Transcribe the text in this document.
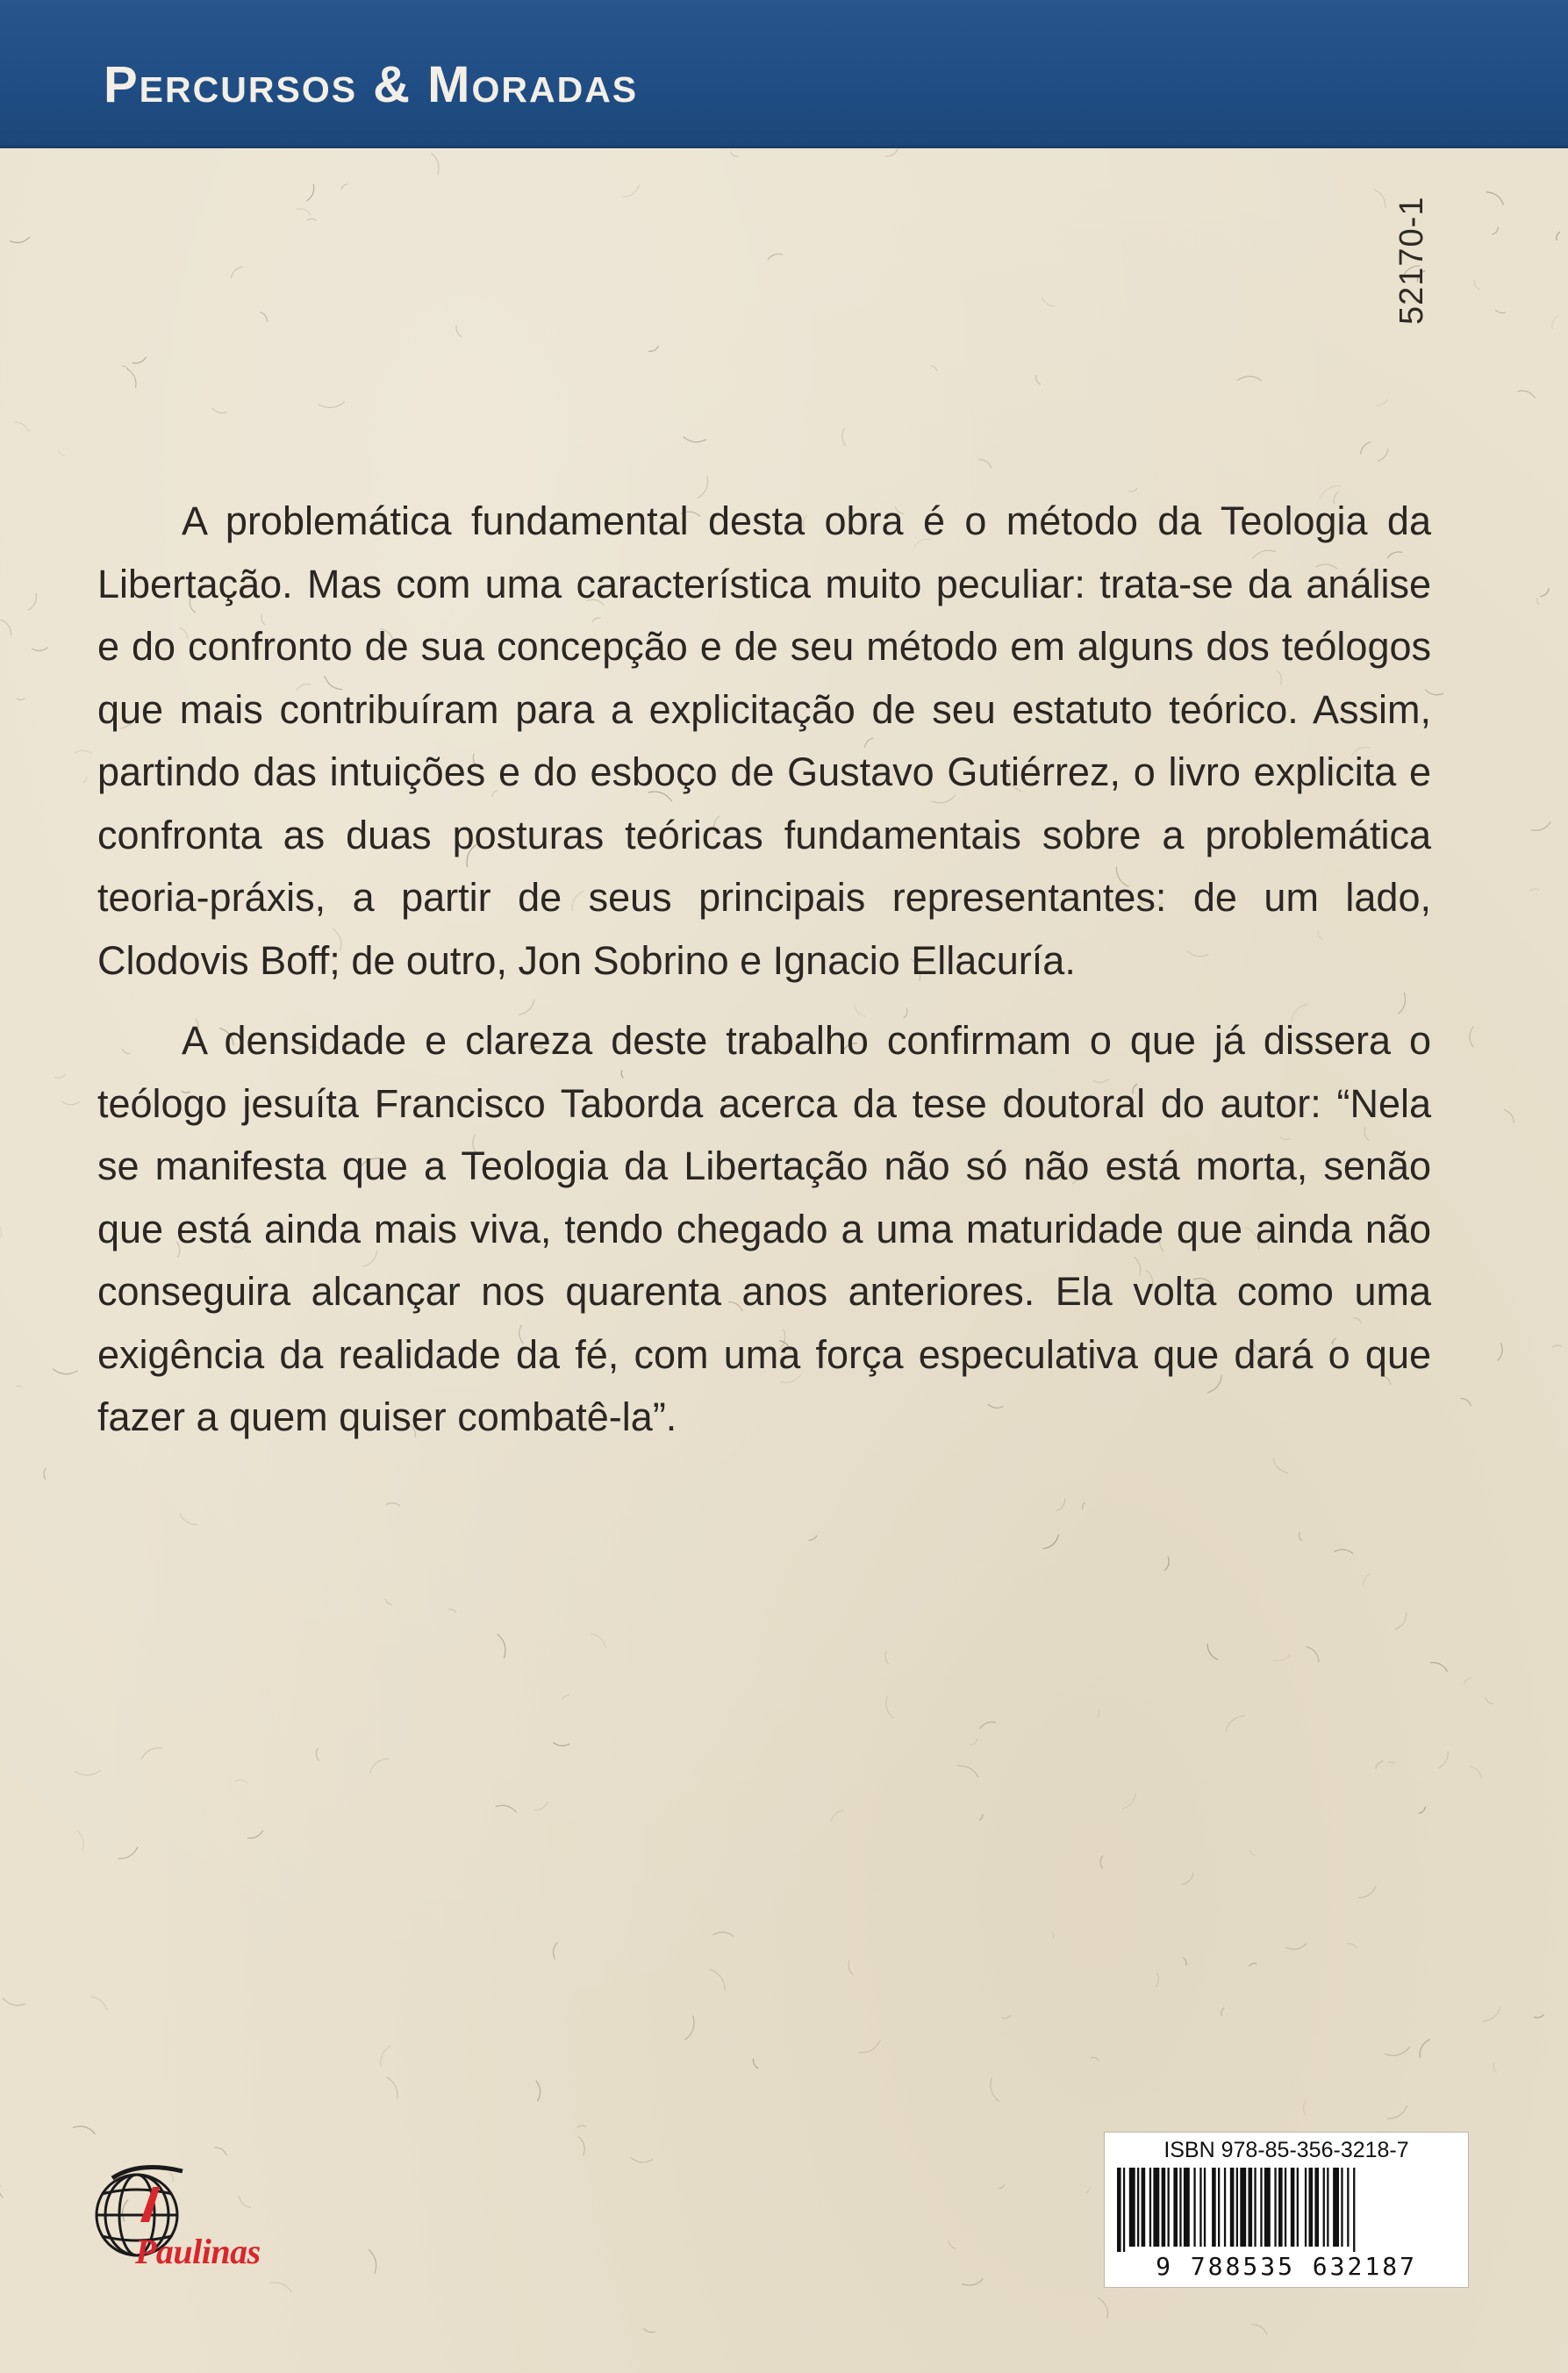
Percursos & Moradas
52170-1

A problemática fundamental desta obra é o método da Teologia da Libertação. Mas com uma característica muito peculiar: trata-se da análise e do confronto de sua concepção e de seu método em alguns dos teólogos que mais contribuíram para a explicitação de seu estatuto teórico. Assim, partindo das intuições e do esboço de Gustavo Gutiérrez, o livro explicita e confronta as duas posturas teóricas fundamentais sobre a problemática teoria-práxis, a partir de seus principais representantes: de um lado, Clodovis Boff; de outro, Jon Sobrino e Ignacio Ellacuría.

A densidade e clareza deste trabalho confirmam o que já dissera o teólogo jesuíta Francisco Taborda acerca da tese doutoral do autor: “Nela se manifesta que a Teologia da Libertação não só não está morta, senão que está ainda mais viva, tendo chegado a uma maturidade que ainda não conseguira alcançar nos quarenta anos anteriores. Ela volta como uma exigência da realidade da fé, com uma força especulativa que dará o que fazer a quem quiser combatê-la”.

Paulinas
ISBN 978-85-356-3218-7
9 788535 632187
